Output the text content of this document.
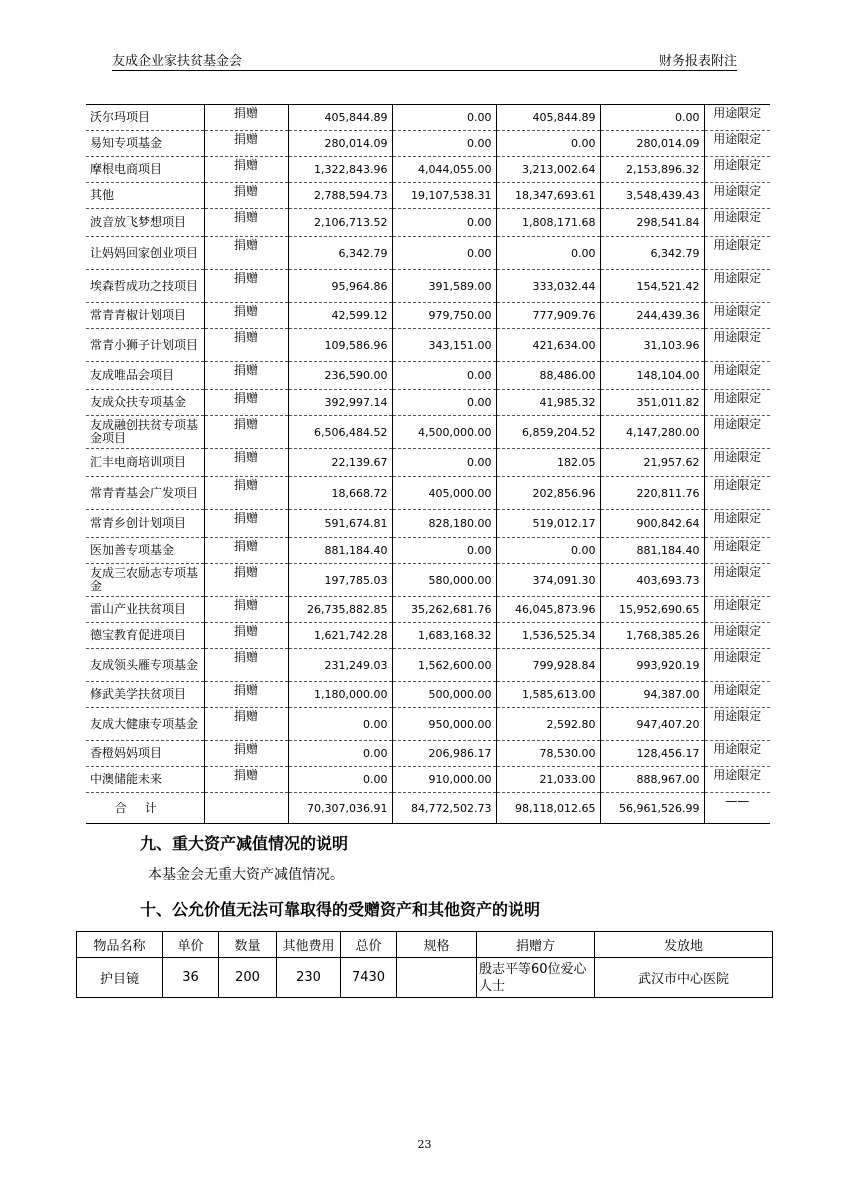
友成企业家扶贫基金会	财务报表附注
沃尔玛项目	捐赠	405,844.89	0.00	405,844.89	0.00	用途限定
易知专项基金	捐赠	280,014.09	0.00	0.00	280,014.09	用途限定
摩根电商项目	捐赠	1,322,843.96	4,044,055.00	3,213,002.64	2,153,896.32	用途限定
其他	捐赠	2,788,594.73	19,107,538.31	18,347,693.61	3,548,439.43	用途限定
波音放飞梦想项目	捐赠	2,106,713.52	0.00	1,808,171.68	298,541.84	用途限定
让妈妈回家创业项目	捐赠	6,342.79	0.00	0.00	6,342.79	用途限定
埃森哲成功之技项目	捐赠	95,964.86	391,589.00	333,032.44	154,521.42	用途限定
常青青椒计划项目	捐赠	42,599.12	979,750.00	777,909.76	244,439.36	用途限定
常青小狮子计划项目	捐赠	109,586.96	343,151.00	421,634.00	31,103.96	用途限定
友成唯品会项目	捐赠	236,590.00	0.00	88,486.00	148,104.00	用途限定
友成众扶专项基金	捐赠	392,997.14	0.00	41,985.32	351,011.82	用途限定
友成融创扶贫专项基金项目	捐赠	6,506,484.52	4,500,000.00	6,859,204.52	4,147,280.00	用途限定
汇丰电商培训项目	捐赠	22,139.67	0.00	182.05	21,957.62	用途限定
常青青基会广发项目	捐赠	18,668.72	405,000.00	202,856.96	220,811.76	用途限定
常青乡创计划项目	捐赠	591,674.81	828,180.00	519,012.17	900,842.64	用途限定
医加善专项基金	捐赠	881,184.40	0.00	0.00	881,184.40	用途限定
友成三农励志专项基金	捐赠	197,785.03	580,000.00	374,091.30	403,693.73	用途限定
雷山产业扶贫项目	捐赠	26,735,882.85	35,262,681.76	46,045,873.96	15,952,690.65	用途限定
德宝教育促进项目	捐赠	1,621,742.28	1,683,168.32	1,536,525.34	1,768,385.26	用途限定
友成领头雁专项基金	捐赠	231,249.03	1,562,600.00	799,928.84	993,920.19	用途限定
修武美学扶贫项目	捐赠	1,180,000.00	500,000.00	1,585,613.00	94,387.00	用途限定
友成大健康专项基金	捐赠	0.00	950,000.00	2,592.80	947,407.20	用途限定
香橙妈妈项目	捐赠	0.00	206,986.17	78,530.00	128,456.17	用途限定
中澳储能未来	捐赠	0.00	910,000.00	21,033.00	888,967.00	用途限定
合计		70,307,036.91	84,772,502.73	98,118,012.65	56,961,526.99	——
九、重大资产减值情况的说明
本基金会无重大资产减值情况。
十、公允价值无法可靠取得的受赠资产和其他资产的说明
物品名称	单价	数量	其他费用	总价	规格	捐赠方	发放地
护目镜	36	200	230	7430		殷志平等60位爱心人士	武汉市中心医院
23
